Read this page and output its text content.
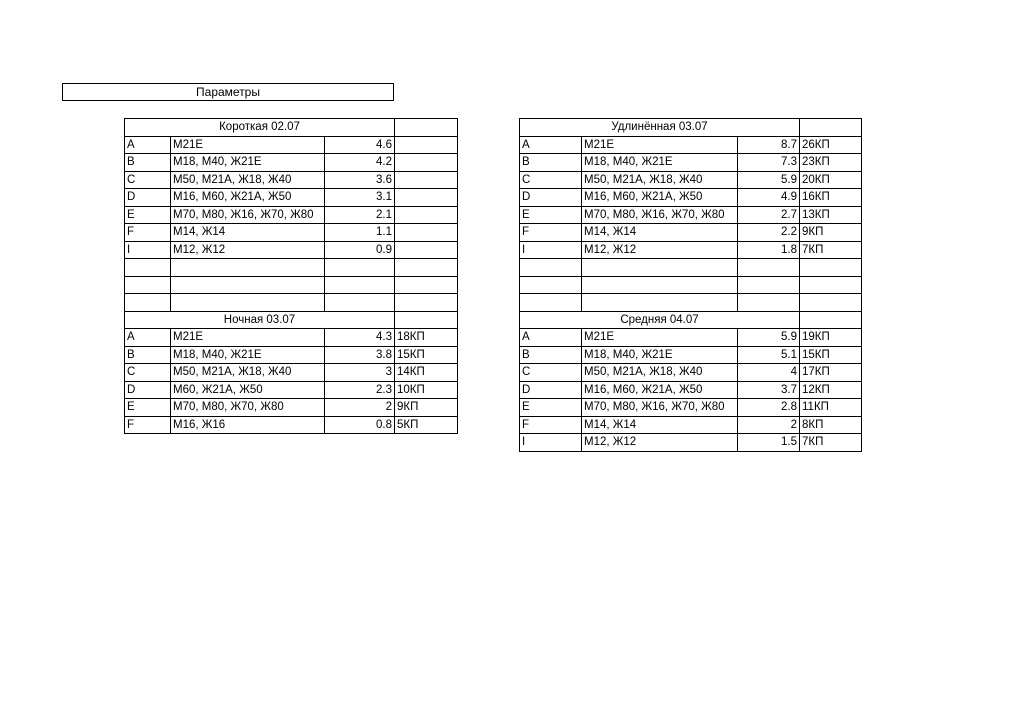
Параметры
Короткая 02.07			
A	M21E	4.6	
B	M18, M40, Ж21E	4.2	
C	M50, M21A, Ж18, Ж40	3.6	
D	M16, M60, Ж21A, Ж50	3.1	
E	M70, M80, Ж16, Ж70, Ж80	2.1	
F	M14, Ж14	1.1	
I	M12, Ж12	0.9	

Ночная 03.07			
A	M21E	4.3	18КП
B	M18, M40, Ж21E	3.8	15КП
C	M50, M21A, Ж18, Ж40	3	14КП
D	M60, Ж21A, Ж50	2.3	10КП
E	M70, M80, Ж70, Ж80	2	9КП
F	M16, Ж16	0.8	5КП
Удлинённая 03.07			
A	M21E	8.7	26КП
B	M18, M40, Ж21E	7.3	23КП
C	M50, M21A, Ж18, Ж40	5.9	20КП
D	M16, M60, Ж21A, Ж50	4.9	16КП
E	M70, M80, Ж16, Ж70, Ж80	2.7	13КП
F	M14, Ж14	2.2	9КП
I	M12, Ж12	1.8	7КП

Средняя 04.07			
A	M21E	5.9	19КП
B	M18, M40, Ж21E	5.1	15КП
C	M50, M21A, Ж18, Ж40	4	17КП
D	M16, M60, Ж21A, Ж50	3.7	12КП
E	M70, M80, Ж16, Ж70, Ж80	2.8	11КП
F	M14, Ж14	2	8КП
I	M12, Ж12	1.5	7КП
